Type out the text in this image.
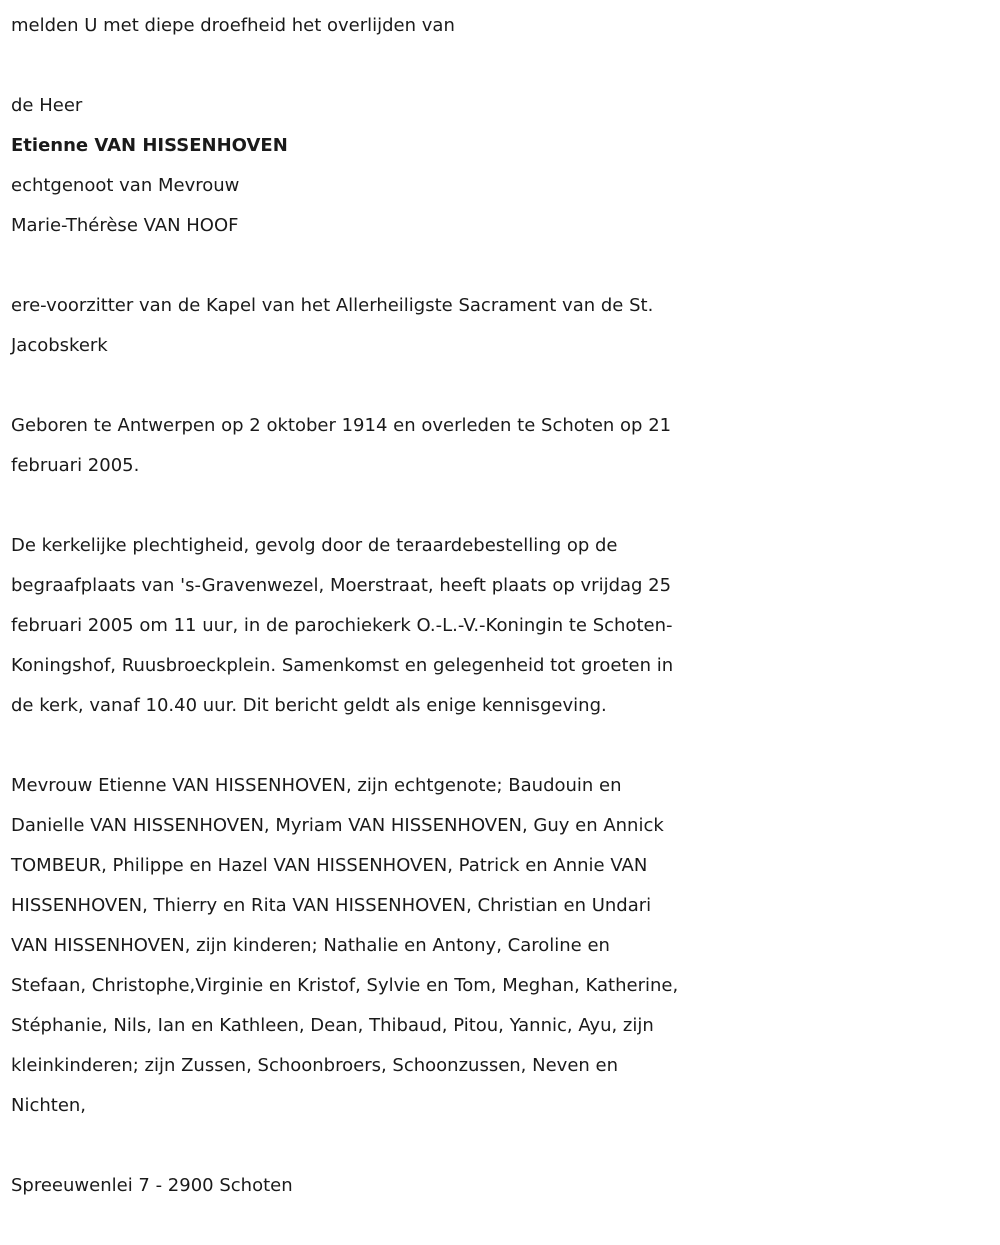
melden U met diepe droefheid het overlijden van
de Heer
Etienne VAN HISSENHOVEN
echtgenoot van Mevrouw
Marie-Thérèse VAN HOOF
ere-voorzitter van de Kapel van het Allerheiligste Sacrament van de St.
Jacobskerk
Geboren te Antwerpen op 2 oktober 1914 en overleden te Schoten op 21
februari 2005.
De kerkelijke plechtigheid, gevolg door de teraardebestelling op de
begraafplaats van 's-Gravenwezel, Moerstraat, heeft plaats op vrijdag 25
februari 2005 om 11 uur, in de parochiekerk O.-L.-V.-Koningin te Schoten-
Koningshof, Ruusbroeckplein. Samenkomst en gelegenheid tot groeten in
de kerk, vanaf 10.40 uur. Dit bericht geldt als enige kennisgeving.
Mevrouw Etienne VAN HISSENHOVEN, zijn echtgenote; Baudouin en
Danielle VAN HISSENHOVEN, Myriam VAN HISSENHOVEN, Guy en Annick
TOMBEUR, Philippe en Hazel VAN HISSENHOVEN, Patrick en Annie VAN
HISSENHOVEN, Thierry en Rita VAN HISSENHOVEN, Christian en Undari
VAN HISSENHOVEN, zijn kinderen; Nathalie en Antony, Caroline en
Stefaan, Christophe,Virginie en Kristof, Sylvie en Tom, Meghan, Katherine,
Stéphanie, Nils, Ian en Kathleen, Dean, Thibaud, Pitou, Yannic, Ayu, zijn
kleinkinderen; zijn Zussen, Schoonbroers, Schoonzussen, Neven en
Nichten,
Spreeuwenlei 7 - 2900 Schoten
